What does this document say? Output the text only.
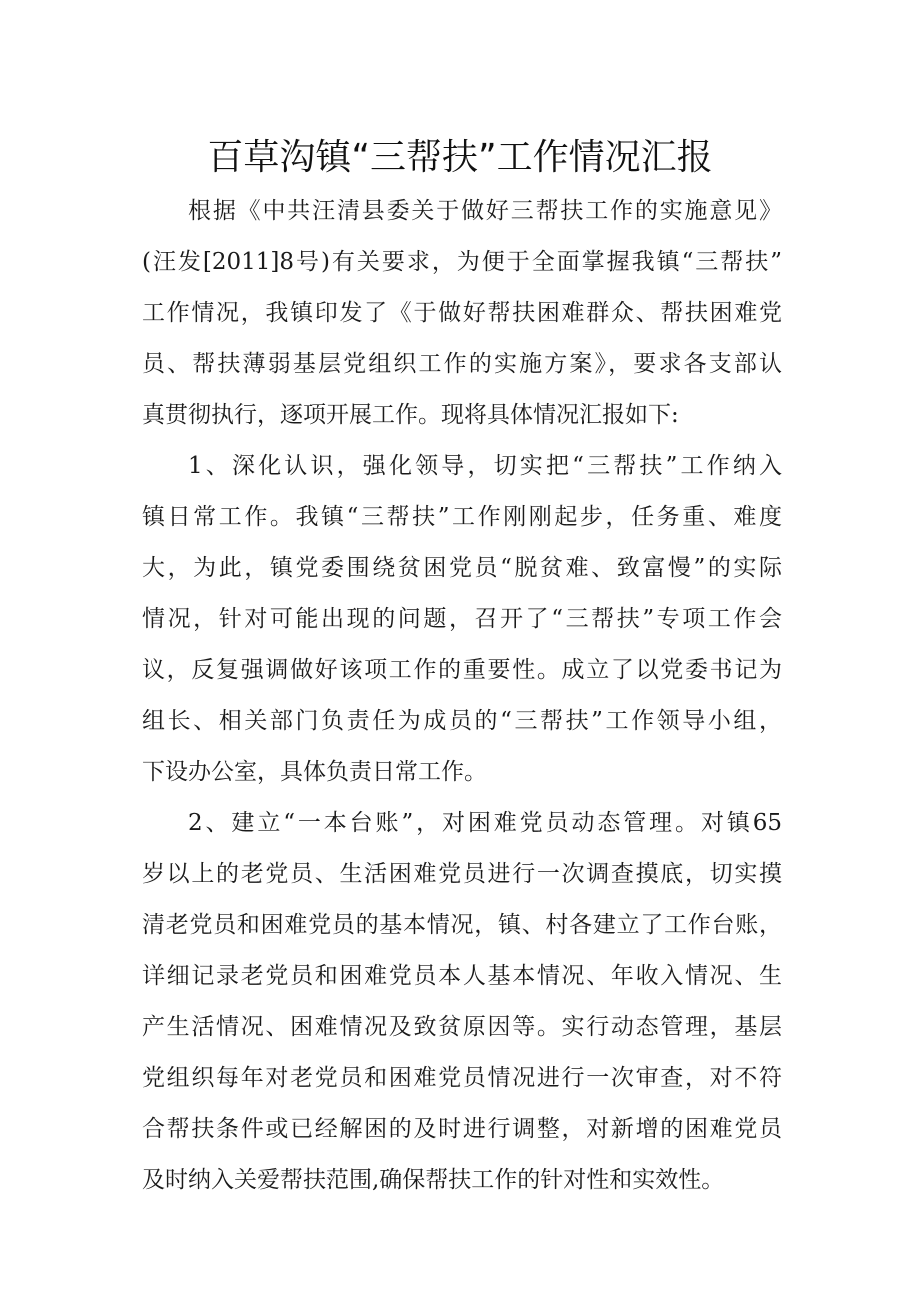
百草沟镇“三帮扶”工作情况汇报
根据《中共汪清县委关于做好三帮扶工作的实施意见》
(汪发[2011]8号)有关要求，为便于全面掌握我镇“三帮扶”
工作情况，我镇印发了《于做好帮扶困难群众、帮扶困难党
员、帮扶薄弱基层党组织工作的实施方案》，要求各支部认
真贯彻执行，逐项开展工作。现将具体情况汇报如下:
1、深化认识，强化领导，切实把“三帮扶”工作纳入
镇日常工作。我镇“三帮扶”工作刚刚起步，任务重、难度
大，为此，镇党委围绕贫困党员“脱贫难、致富慢”的实际
情况，针对可能出现的问题，召开了“三帮扶”专项工作会
议，反复强调做好该项工作的重要性。成立了以党委书记为
组长、相关部门负责任为成员的“三帮扶”工作领导小组，
下设办公室，具体负责日常工作。
2、建立“一本台账”，对困难党员动态管理。对镇65
岁以上的老党员、生活困难党员进行一次调查摸底，切实摸
清老党员和困难党员的基本情况，镇、村各建立了工作台账，
详细记录老党员和困难党员本人基本情况、年收入情况、生
产生活情况、困难情况及致贫原因等。实行动态管理，基层
党组织每年对老党员和困难党员情况进行一次审查，对不符
合帮扶条件或已经解困的及时进行调整，对新增的困难党员
及时纳入关爱帮扶范围,确保帮扶工作的针对性和实效性。
